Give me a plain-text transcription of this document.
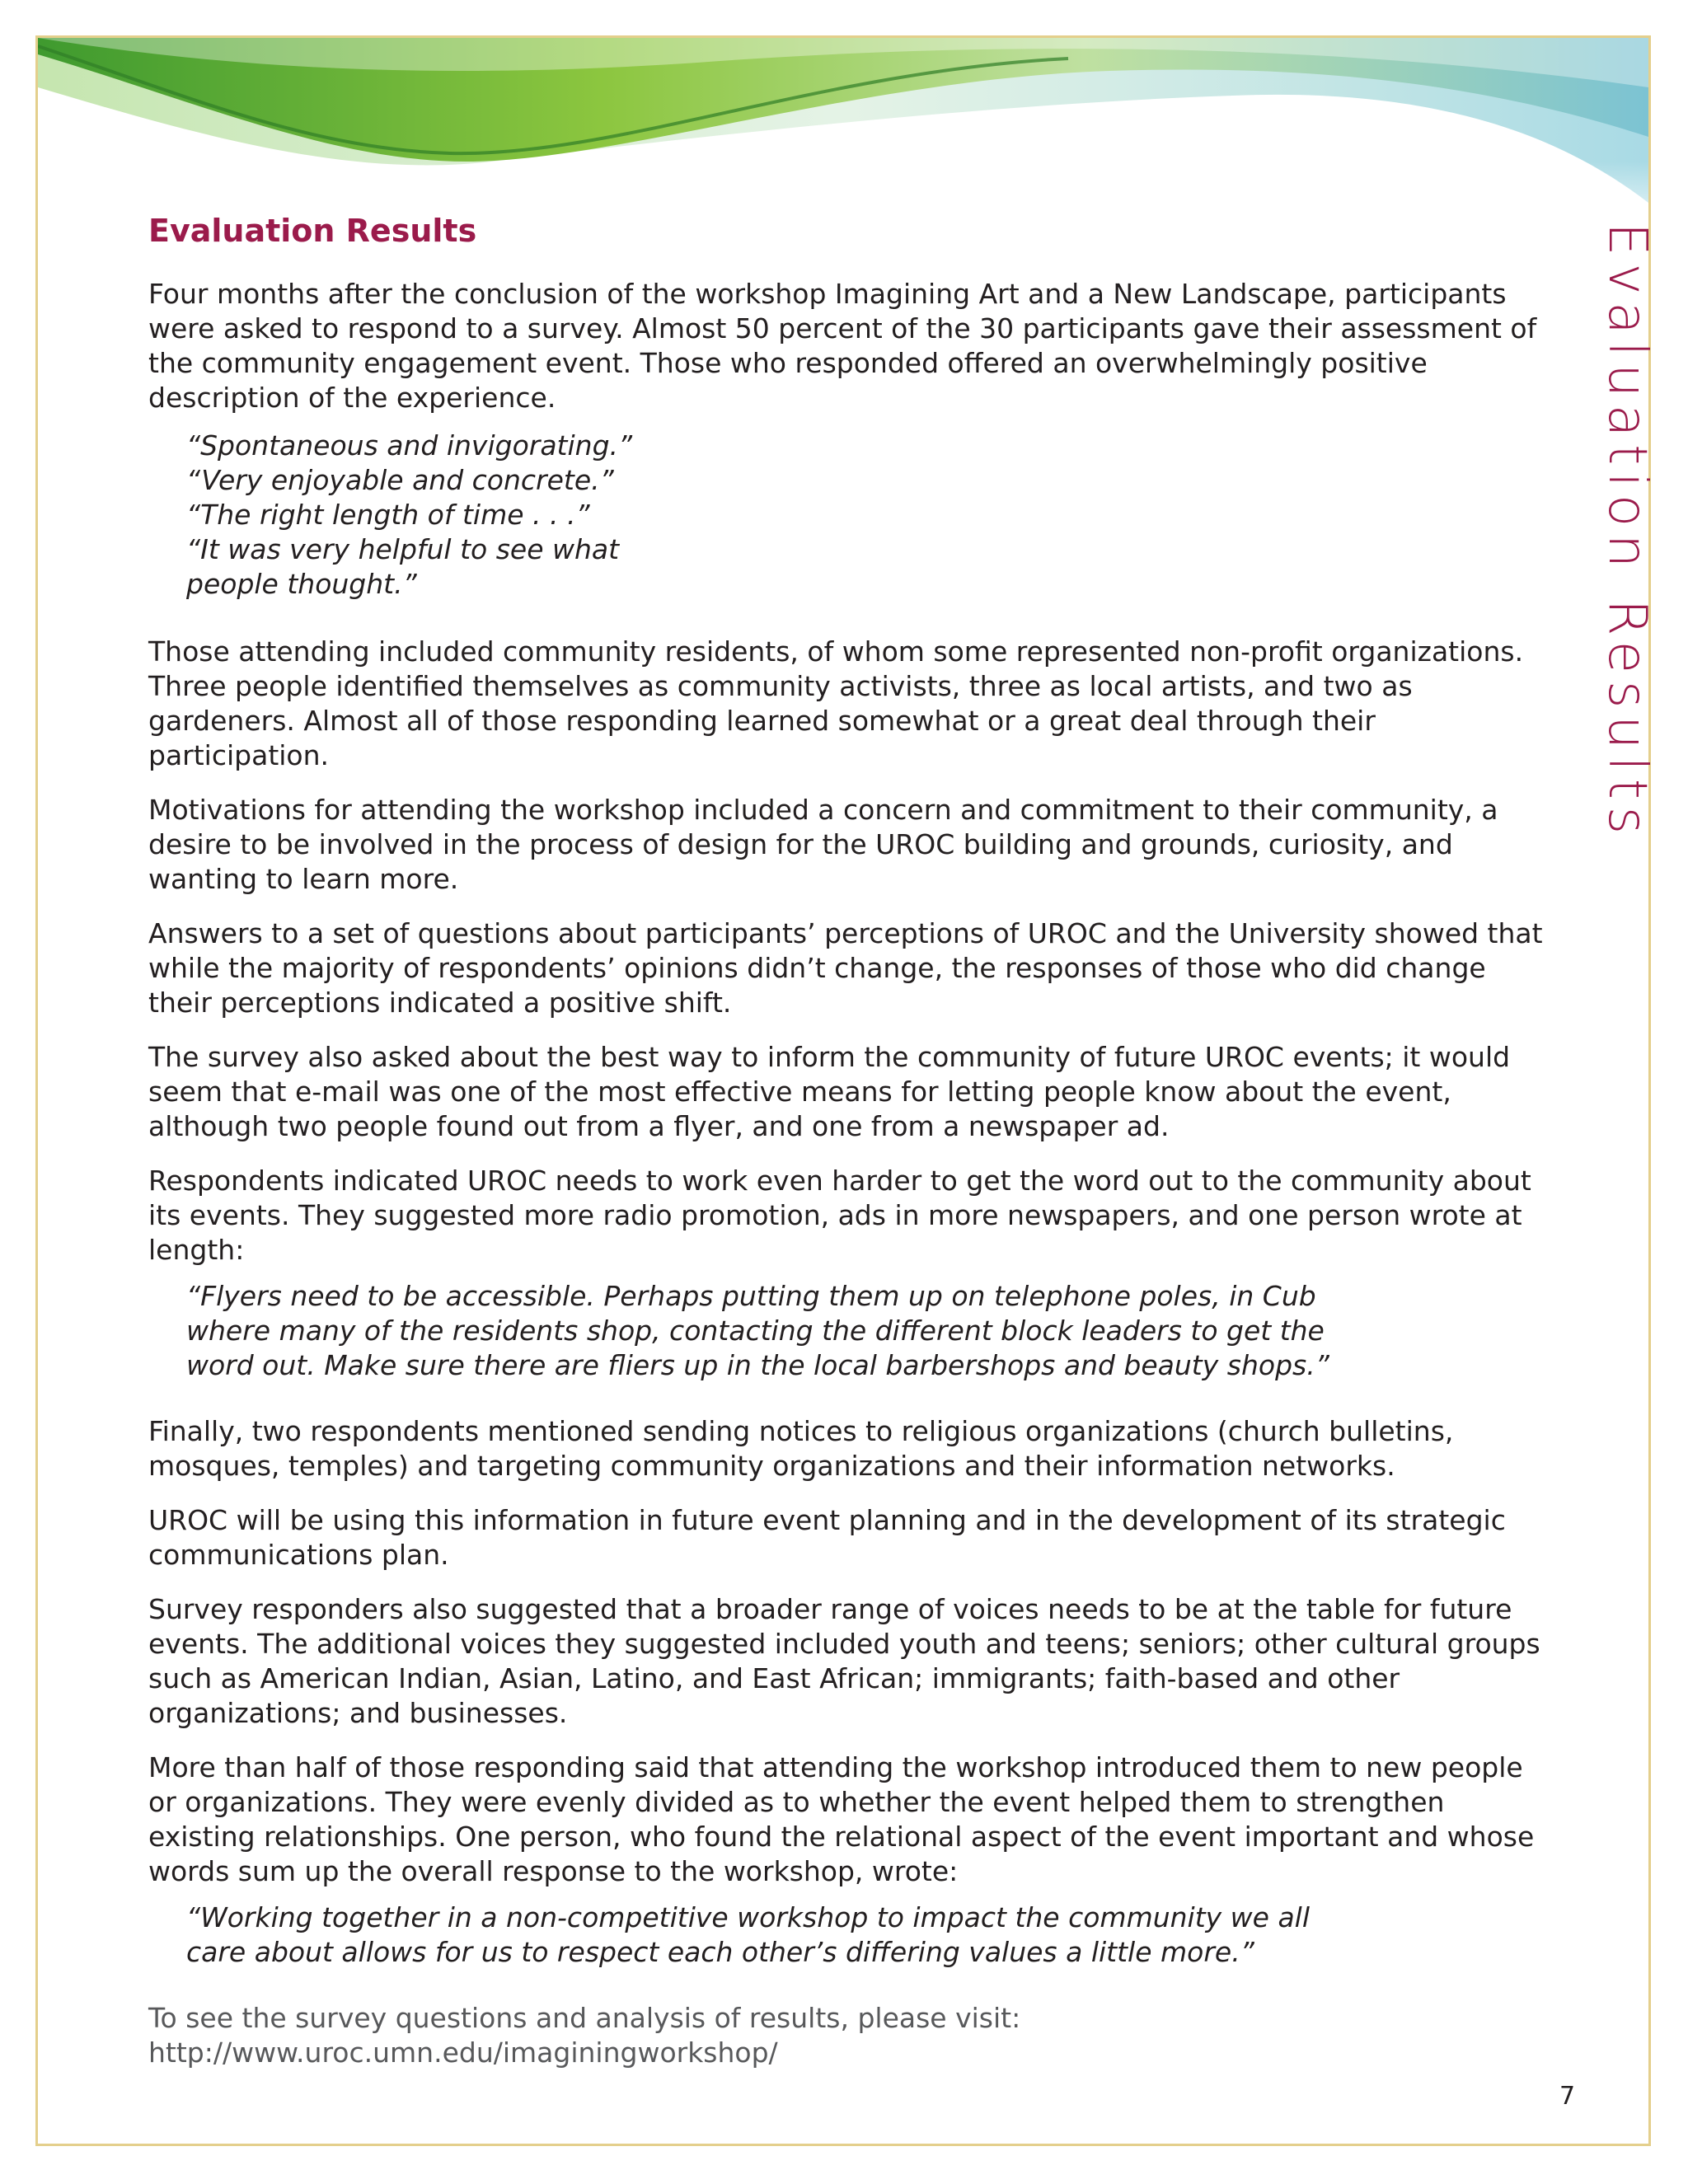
Evaluation Results
Evaluation Results

Four months after the conclusion of the workshop Imagining Art and a New Landscape, participants were asked to respond to a survey. Almost 50 percent of the 30 participants gave their assessment of the community engagement event. Those who responded offered an overwhelmingly positive description of the experience.

“Spontaneous and invigorating.”
“Very enjoyable and concrete.”
“The right length of time . . .”
“It was very helpful to see what people thought.”

Those attending included community residents, of whom some represented non-profit organizations. Three people identified themselves as community activists, three as local artists, and two as gardeners. Almost all of those responding learned somewhat or a great deal through their participation.

Motivations for attending the workshop included a concern and commitment to their community, a desire to be involved in the process of design for the UROC building and grounds, curiosity, and wanting to learn more.

Answers to a set of questions about participants’ perceptions of UROC and the University showed that while the majority of respondents’ opinions didn’t change, the responses of those who did change their perceptions indicated a positive shift.

The survey also asked about the best way to inform the community of future UROC events; it would seem that e-mail was one of the most effective means for letting people know about the event, although two people found out from a flyer, and one from a newspaper ad.

Respondents indicated UROC needs to work even harder to get the word out to the community about its events. They suggested more radio promotion, ads in more newspapers, and one person wrote at length:

“Flyers need to be accessible. Perhaps putting them up on telephone poles, in Cub where many of the residents shop, contacting the different block leaders to get the word out. Make sure there are fliers up in the local barbershops and beauty shops.”

Finally, two respondents mentioned sending notices to religious organizations (church bulletins, mosques, temples) and targeting community organizations and their information networks.

UROC will be using this information in future event planning and in the development of its strategic communications plan.

Survey responders also suggested that a broader range of voices needs to be at the table for future events. The additional voices they suggested included youth and teens; seniors; other cultural groups such as American Indian, Asian, Latino, and East African; immigrants; faith-based and other organizations; and businesses.

More than half of those responding said that attending the workshop introduced them to new people or organizations. They were evenly divided as to whether the event helped them to strengthen existing relationships. One person, who found the relational aspect of the event important and whose words sum up the overall response to the workshop, wrote:

“Working together in a non-competitive workshop to impact the community we all care about allows for us to respect each other’s differing values a little more.”
To see the survey questions and analysis of results, please visit:
http://www.uroc.umn.edu/imaginingworkshop/
7
